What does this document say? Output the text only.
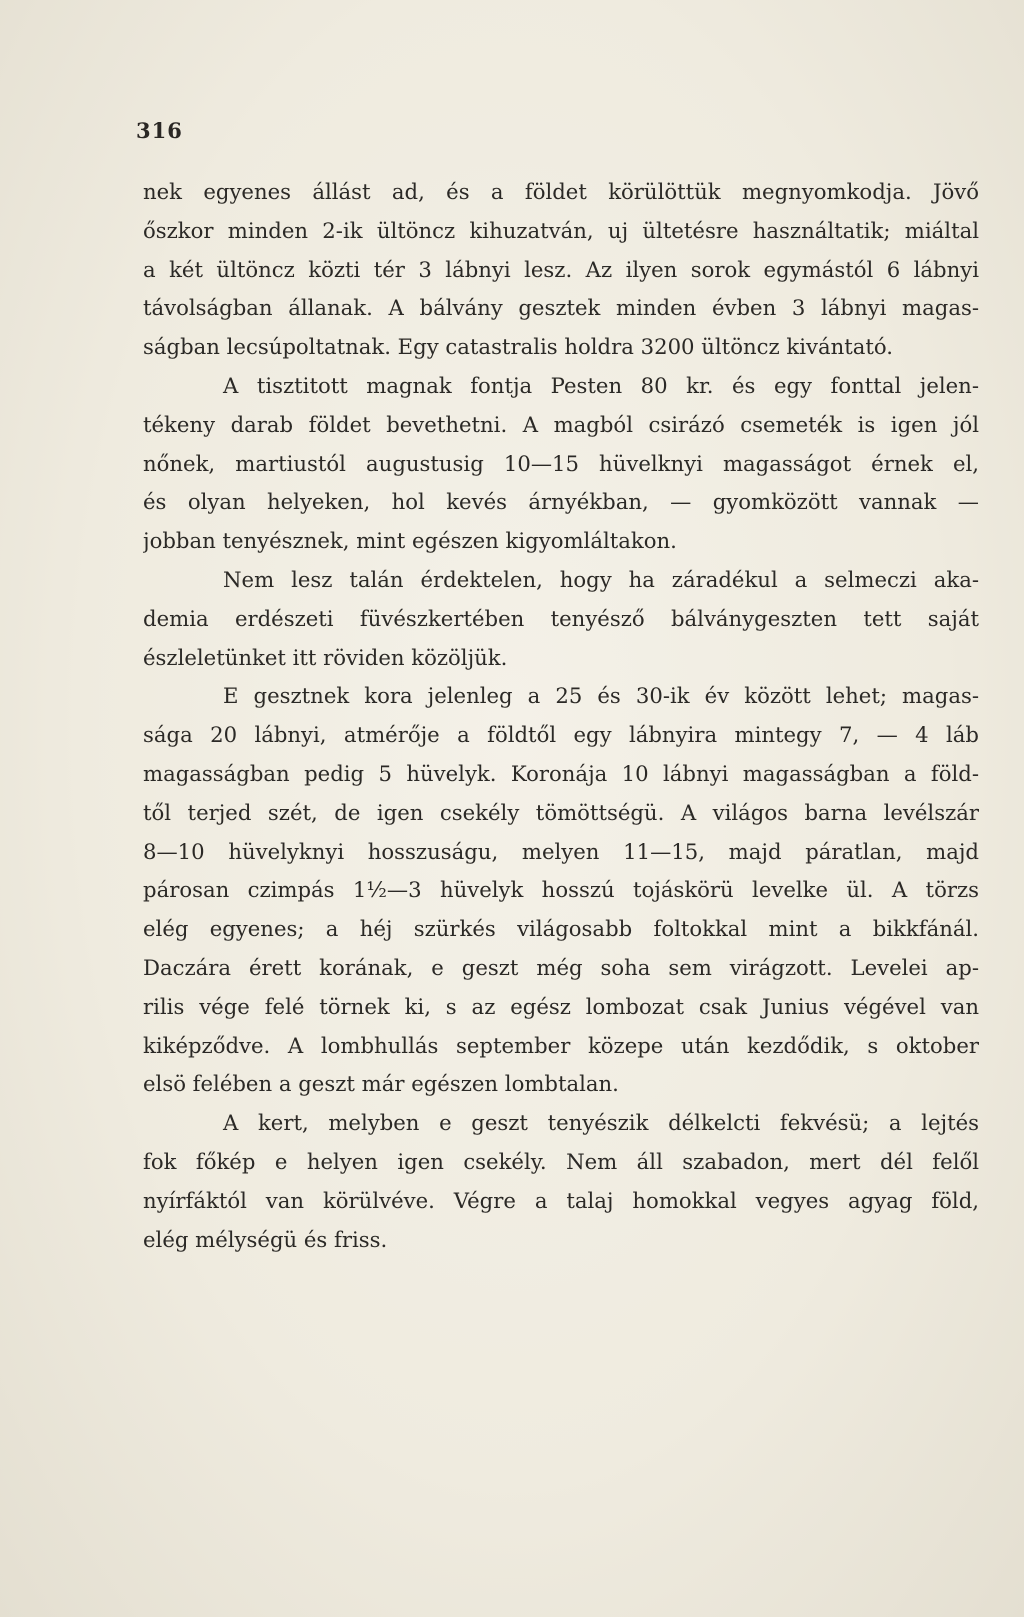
316
nek egyenes állást ad, és a földet körülöttük megnyomkodja. Jövő
őszkor minden 2-ik ültöncz kihuzatván, uj ültetésre használtatik; miáltal
a két ültöncz közti tér 3 lábnyi lesz. Az ilyen sorok egymástól 6 lábnyi
távolságban állanak. A bálvány gesztek minden évben 3 lábnyi magas-
ságban lecsúpoltatnak. Egy catastralis holdra 3200 ültöncz kivántató.
A tisztitott magnak fontja Pesten 80 kr. és egy fonttal jelen-
tékeny darab földet bevethetni. A magból csirázó csemeték is igen jól
nőnek, martiustól augustusig 10—15 hüvelknyi magasságot érnek el,
és olyan helyeken, hol kevés árnyékban, — gyomközött vannak —
jobban tenyésznek, mint egészen kigyomláltakon.
Nem lesz talán érdektelen, hogy ha záradékul a selmeczi aka-
demia erdészeti füvészkertében tenyésző bálványgeszten tett saját
észleletünket itt röviden közöljük.
E gesztnek kora jelenleg a 25 és 30-ik év között lehet; magas-
sága 20 lábnyi, atmérője a földtől egy lábnyira mintegy 7, — 4 láb
magasságban pedig 5 hüvelyk. Koronája 10 lábnyi magasságban a föld-
től terjed szét, de igen csekély tömöttségü. A világos barna levélszár
8—10 hüvelyknyi hosszuságu, melyen 11—15, majd páratlan, majd
párosan czimpás 1½—3 hüvelyk hosszú tojáskörü levelke ül. A törzs
elég egyenes; a héj szürkés világosabb foltokkal mint a bikkfánál.
Daczára érett korának, e geszt még soha sem virágzott. Levelei ap-
rilis vége felé törnek ki, s az egész lombozat csak Junius végével van
kiképződve. A lombhullás september közepe után kezdődik, s oktober
elsö felében a geszt már egészen lombtalan.
A kert, melyben e geszt tenyészik délkelcti fekvésü; a lejtés
fok főkép e helyen igen csekély. Nem áll szabadon, mert dél felől
nyírfáktól van körülvéve. Végre a talaj homokkal vegyes agyag föld,
elég mélységü és friss.
